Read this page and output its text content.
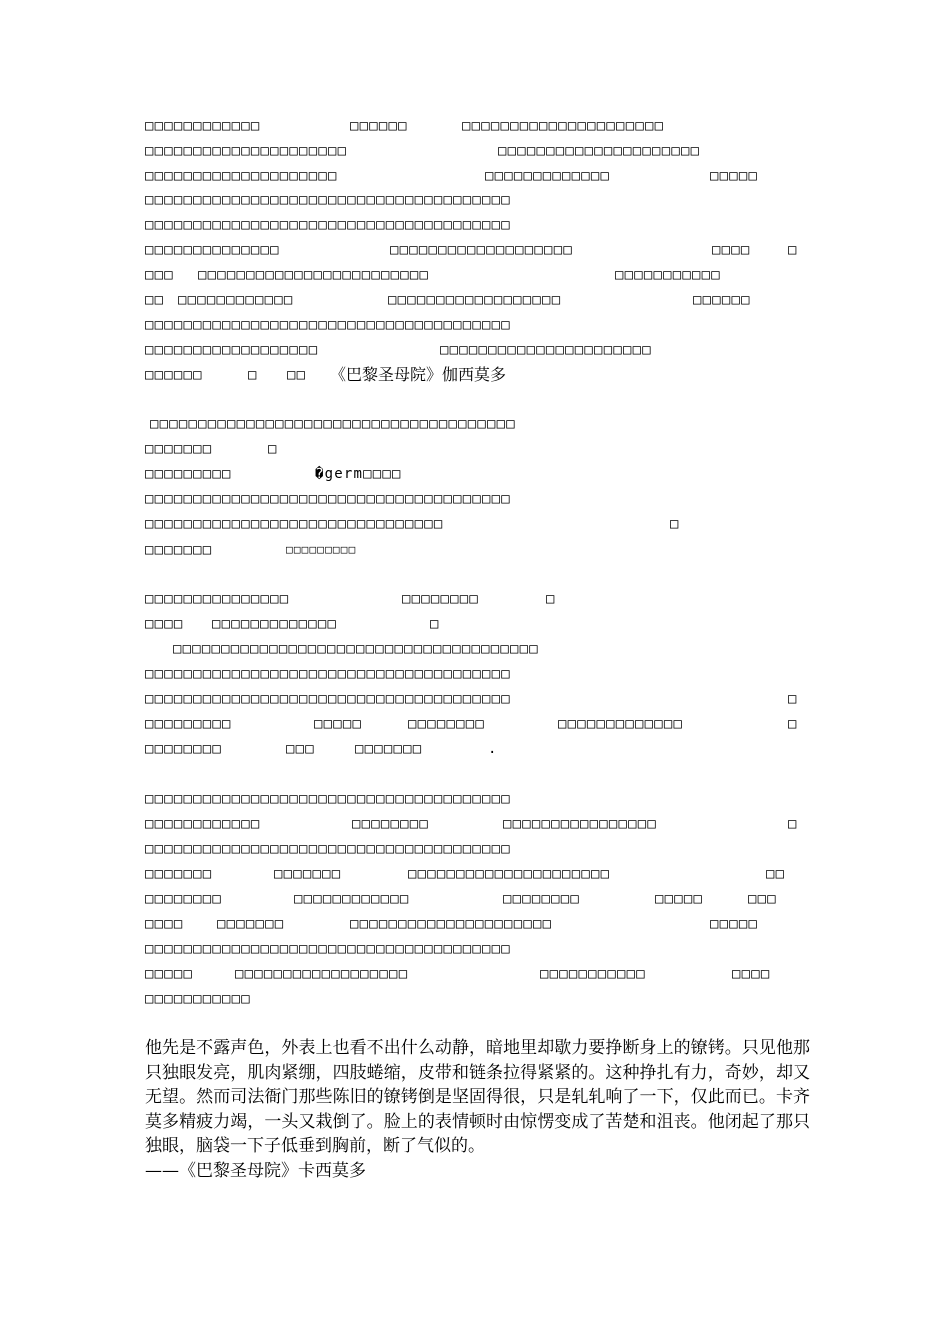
□□□□□□□□□□□□	□□□□□□	□□□□□□□□□□□□□□□□□□□□□
□□□□□□□□□□□□□□□□□□□□□	□□□□□□□□□□□□□□□□□□□□□
□□□□□□□□□□□□□□□□□□□□	□□□□□□□□□□□□□	□□□□□
□□□□□□□□□□□□□□□□□□□□□□□□□□□□□□□□□□□□□□
□□□□□□□□□□□□□□□□□□□□□□□□□□□□□□□□□□□□□□
□□□□□□□□□□□□□□	□□□□□□□□□□□□□□□□□□□	□□□□	□
□□□ □□□□□□□□□□□□□□□□□□□□□□□□	□□□□□□□□□□□
□□ □□□□□□□□□□□□	□□□□□□□□□□□□□□□□□□	□□□□□□
□□□□□□□□□□□□□□□□□□□□□□□□□□□□□□□□□□□□□□
□□□□□□□□□□□□□□□□□□	□□□□□□□□□□□□□□□□□□□□□□
□□□□□□	□ □□ 《巴黎圣母院》伽西莫多
□□□□□□□□□□□□□□□□□□□□□□□□□□□□□□□□□□□□□□
□□□□□□□	□
□□□□□□□□□	�germ□□□□
□□□□□□□□□□□□□□□□□□□□□□□□□□□□□□□□□□□□□□
□□□□□□□□□□□□□□□□□□□□□□□□□□□□□□□	□
□□□□□□□	□□□□□□□□□
□□□□□□□□□□□□□□□	□□□□□□□□	□
□□□□ □□□□□□□□□□□□□	□
□□□□□□□□□□□□□□□□□□□□□□□□□□□□□□□□□□□□□□
□□□□□□□□□□□□□□□□□□□□□□□□□□□□□□□□□□□□□□
□□□□□□□□□□□□□□□□□□□□□□□□□□□□□□□□□□□□□□	□
□□□□□□□□□	□□□□□	□□□□□□□□	□□□□□□□□□□□□□	□
□□□□□□□□	□□□	□□□□□□□	.
□□□□□□□□□□□□□□□□□□□□□□□□□□□□□□□□□□□□□□
□□□□□□□□□□□□	□□□□□□□□	□□□□□□□□□□□□□□□□	□
□□□□□□□□□□□□□□□□□□□□□□□□□□□□□□□□□□□□□□
□□□□□□□	□□□□□□□	□□□□□□□□□□□□□□□□□□□□□	□□
□□□□□□□□	□□□□□□□□□□□□	□□□□□□□□	□□□□□	□□□
□□□□ □□□□□□□	□□□□□□□□□□□□□□□□□□□□□	□□□□□
□□□□□□□□□□□□□□□□□□□□□□□□□□□□□□□□□□□□□□
□□□□□	□□□□□□□□□□□□□□□□□□	□□□□□□□□□□□	□□□□
□□□□□□□□□□□
他先是不露声色，外表上也看不出什么动静，暗地里却歇力要挣断身上的镣铐。只见他那只独眼发亮，肌肉紧绷，四肢蜷缩，皮带和链条拉得紧紧的。这种挣扎有力，奇妙，却又无望。然而司法衙门那些陈旧的镣铐倒是坚固得很，只是轧轧响了一下，仅此而已。卡齐莫多精疲力竭，一头又栽倒了。脸上的表情顿时由惊愣变成了苦楚和沮丧。他闭起了那只独眼，脑袋一下子低垂到胸前，断了气似的。
——《巴黎圣母院》卡西莫多
